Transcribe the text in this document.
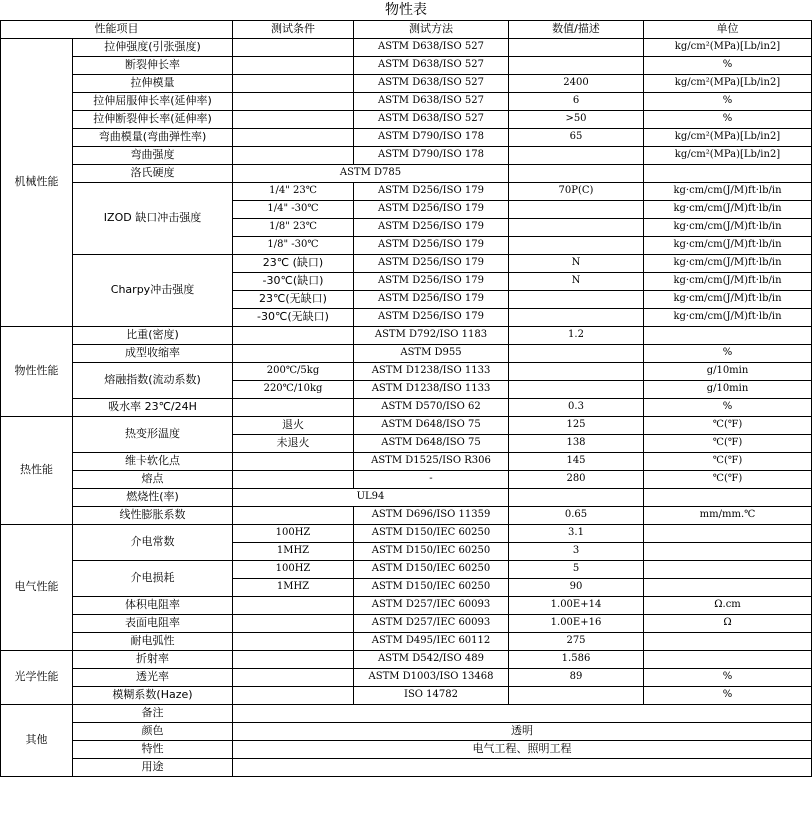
物性表					
性能项目		测试条件	测试方法	数值/描述	单位
机械性能	拉伸强度(引张强度)		ASTM D638/ISO 527		kg/cm²(MPa)[Lb/in2]
	断裂伸长率		ASTM D638/ISO 527		%
	拉伸模量		ASTM D638/ISO 527	2400	kg/cm²(MPa)[Lb/in2]
	拉伸屈服伸长率(延伸率)		ASTM D638/ISO 527	6	%
	拉伸断裂伸长率(延伸率)		ASTM D638/ISO 527	>50	%
	弯曲模量(弯曲弹性率)		ASTM D790/ISO 178	65	kg/cm²(MPa)[Lb/in2]
	弯曲强度		ASTM D790/ISO 178		kg/cm²(MPa)[Lb/in2]
	洛氏硬度	ASTM D785			
	IZOD 缺口冲击强度	1/4" 23℃	ASTM D256/ISO 179	70P(C)	kg·cm/cm(J/M)ft·lb/in
		1/4" -30℃	ASTM D256/ISO 179		kg·cm/cm(J/M)ft·lb/in
		1/8" 23℃	ASTM D256/ISO 179		kg·cm/cm(J/M)ft·lb/in
		1/8" -30℃	ASTM D256/ISO 179		kg·cm/cm(J/M)ft·lb/in
	Charpy冲击强度	23℃ (缺口)	ASTM D256/ISO 179	N	kg·cm/cm(J/M)ft·lb/in
		-30℃(缺口)	ASTM D256/ISO 179	N	kg·cm/cm(J/M)ft·lb/in
		23℃(无缺口)	ASTM D256/ISO 179		kg·cm/cm(J/M)ft·lb/in
		-30℃(无缺口)	ASTM D256/ISO 179		kg·cm/cm(J/M)ft·lb/in
物性性能	比重(密度)		ASTM D792/ISO 1183	1.2	
	成型收缩率		ASTM D955		%
	熔融指数(流动系数)	200℃/5kg	ASTM D1238/ISO 1133		g/10min
		220℃/10kg	ASTM D1238/ISO 1133		g/10min
	吸水率 23℃/24H		ASTM D570/ISO 62	0.3	%
热性能	热变形温度	退火	ASTM D648/ISO 75	125	℃(℉)
		未退火	ASTM D648/ISO 75	138	℃(℉)
	维卡软化点		ASTM D1525/ISO R306	145	℃(℉)
	熔点		-	280	℃(℉)
	燃烧性(率)	UL94			
	线性膨胀系数		ASTM D696/ISO 11359	0.65	mm/mm.℃
电气性能	介电常数	100HZ	ASTM D150/IEC 60250	3.1	
		1MHZ	ASTM D150/IEC 60250	3	
	介电损耗	100HZ	ASTM D150/IEC 60250	5	
		1MHZ	ASTM D150/IEC 60250	90	
	体积电阻率		ASTM D257/IEC 60093	1.00E+14	Ω.cm
	表面电阻率		ASTM D257/IEC 60093	1.00E+16	Ω
	耐电弧性		ASTM D495/IEC 60112	275	
光学性能	折射率		ASTM D542/ISO 489	1.586	
	透光率		ASTM D1003/ISO 13468	89	%
	模糊系数(Haze)		ISO 14782		%
其他	备注				
	颜色	透明			
	特性	电气工程、照明工程			
	用途				
